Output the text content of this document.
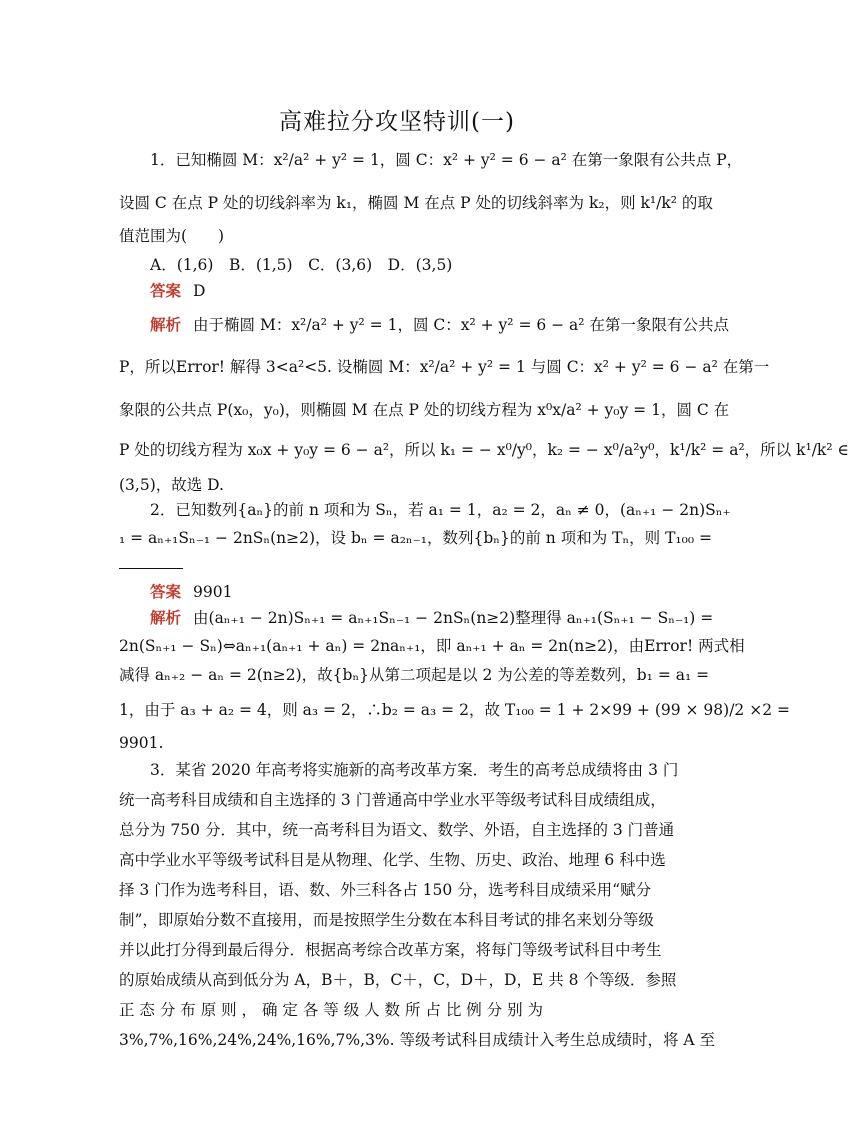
高难拉分攻坚特训(一)
1．已知椭圆 M：x²/a² + y² = 1，圆 C：x² + y² = 6 − a² 在第一象限有公共点 P，
设圆 C 在点 P 处的切线斜率为 k₁，椭圆 M 在点 P 处的切线斜率为 k₂，则 k¹/k² 的取
值范围为(　　)
A．(1,6)　B．(1,5)　C．(3,6)　D．(3,5)
答案 D
解析 由于椭圆 M：x²/a² + y² = 1，圆 C：x² + y² = 6 − a² 在第一象限有公共点
P，所以Error! 解得 3<a²<5. 设椭圆 M：x²/a² + y² = 1 与圆 C：x² + y² = 6 − a² 在第一
象限的公共点 P(x₀，y₀)，则椭圆 M 在点 P 处的切线方程为 x⁰x/a² + y₀y = 1，圆 C 在
P 处的切线方程为 x₀x + y₀y = 6 − a²，所以 k₁ = − x⁰/y⁰，k₂ = − x⁰/a²y⁰，k¹/k² = a²，所以 k¹/k² ∈
(3,5)，故选 D.
2．已知数列{aₙ}的前 n 项和为 Sₙ，若 a₁ = 1，a₂ = 2，aₙ ≠ 0，(aₙ₊₁ − 2n)Sₙ₊
₁ = aₙ₊₁Sₙ₋₁ − 2nSₙ(n≥2)，设 bₙ = a₂ₙ₋₁，数列{bₙ}的前 n 项和为 Tₙ，则 T₁₀₀ =
答案 9901
解析 由(aₙ₊₁ − 2n)Sₙ₊₁ = aₙ₊₁Sₙ₋₁ − 2nSₙ(n≥2)整理得 aₙ₊₁(Sₙ₊₁ − Sₙ₋₁) =
2n(Sₙ₊₁ − Sₙ)⇔aₙ₊₁(aₙ₊₁ + aₙ) = 2naₙ₊₁，即 aₙ₊₁ + aₙ = 2n(n≥2)，由Error! 两式相
减得 aₙ₊₂ − aₙ = 2(n≥2)，故{bₙ}从第二项起是以 2 为公差的等差数列，b₁ = a₁ =
1，由于 a₃ + a₂ = 4，则 a₃ = 2，∴b₂ = a₃ = 2，故 T₁₀₀ = 1 + 2×99 + (99 × 98)/2 ×2 =
9901.
3．某省 2020 年高考将实施新的高考改革方案．考生的高考总成绩将由 3 门
统一高考科目成绩和自主选择的 3 门普通高中学业水平等级考试科目成绩组成，
总分为 750 分．其中，统一高考科目为语文、数学、外语，自主选择的 3 门普通
高中学业水平等级考试科目是从物理、化学、生物、历史、政治、地理 6 科中选
择 3 门作为选考科目，语、数、外三科各占 150 分，选考科目成绩采用“赋分
制”，即原始分数不直接用，而是按照学生分数在本科目考试的排名来划分等级
并以此打分得到最后得分．根据高考综合改革方案，将每门等级考试科目中考生
的原始成绩从高到低分为 A，B＋，B，C＋，C，D＋，D，E 共 8 个等级．参照
正 态 分 布 原 则 ， 确 定 各 等 级 人 数 所 占 比 例 分 别 为
3%,7%,16%,24%,24%,16%,7%,3%. 等级考试科目成绩计入考生总成绩时，将 A 至
